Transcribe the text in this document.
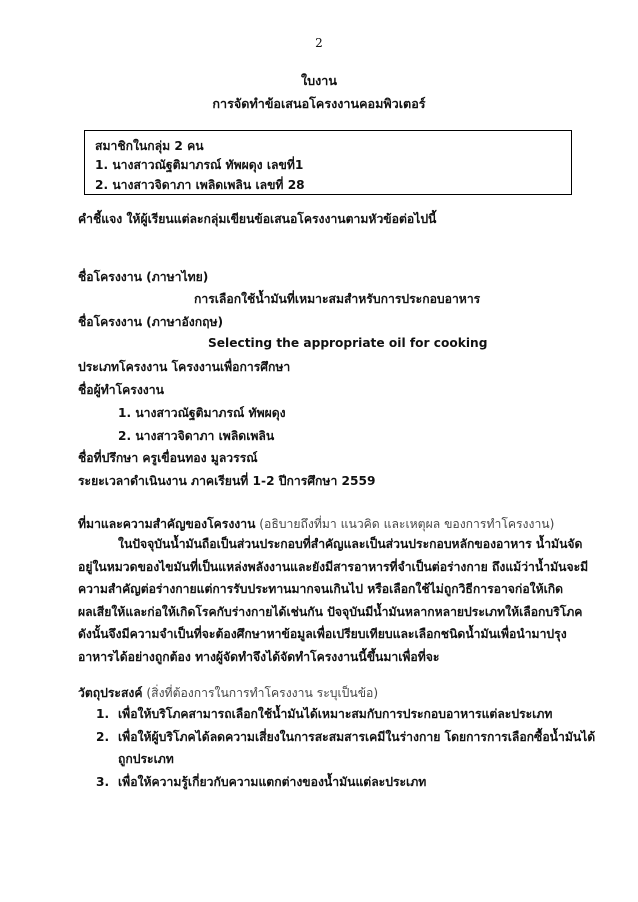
2
ใบงาน
การจัดทำข้อเสนอโครงงานคอมพิวเตอร์
สมาชิกในกลุ่ม 2 คน
1. นางสาวณัฐติมาภรณ์ ทัพผดุง เลขที่1
2. นางสาวจิดาภา เพลิดเพลิน เลขที่ 28
คำชี้แจง ให้ผู้เรียนแต่ละกลุ่มเขียนข้อเสนอโครงงานตามหัวข้อต่อไปนี้
ชื่อโครงงาน (ภาษาไทย)
การเลือกใช้น้ำมันที่เหมาะสมสำหรับการประกอบอาหาร
ชื่อโครงงาน (ภาษาอังกฤษ)
Selecting the appropriate oil for cooking
ประเภทโครงงาน โครงงานเพื่อการศึกษา
ชื่อผู้ทำโครงงาน
1. นางสาวณัฐติมาภรณ์ ทัพผดุง
2. นางสาวจิดาภา เพลิดเพลิน
ชื่อที่ปรึกษา ครูเขื่อนทอง มูลวรรณ์
ระยะเวลาดำเนินงาน ภาคเรียนที่ 1-2 ปีการศึกษา 2559
ที่มาและความสำคัญของโครงงาน (อธิบายถึงที่มา แนวคิด และเหตุผล ของการทำโครงงาน)
ในปัจจุบันน้ำมันถือเป็นส่วนประกอบที่สำคัญและเป็นส่วนประกอบหลักของอาหาร น้ำมันจัด
อยู่ในหมวดของไขมันที่เป็นแหล่งพลังงานและยังมีสารอาหารที่จำเป็นต่อร่างกาย ถึงแม้ว่าน้ำมันจะมี
ความสำคัญต่อร่างกายแต่การรับประทานมากจนเกินไป หรือเลือกใช้ไม่ถูกวิธีการอาจก่อให้เกิด
ผลเสียให้และก่อให้เกิดโรคกับร่างกายได้เช่นกัน ปัจจุบันมีน้ำมันหลากหลายประเภทให้เลือกบริโภค
ดังนั้นจึงมีความจำเป็นที่จะต้องศึกษาหาข้อมูลเพื่อเปรียบเทียบและเลือกชนิดน้ำมันเพื่อนำมาปรุง
อาหารได้อย่างถูกต้อง ทางผู้จัดทำจึงได้จัดทำโครงงานนี้ขึ้นมาเพื่อที่จะ
วัตถุประสงค์ (สิ่งที่ต้องการในการทำโครงงาน ระบุเป็นข้อ)
1. เพื่อให้บริโภคสามารถเลือกใช้น้ำมันได้เหมาะสมกับการประกอบอาหารแต่ละประเภท
2. เพื่อให้ผู้บริโภคได้ลดความเสี่ยงในการสะสมสารเคมีในร่างกาย โดยการการเลือกซื้อน้ำมันได้
ถูกประเภท
3. เพื่อให้ความรู้เกี่ยวกับความแตกต่างของน้ำมันแต่ละประเภท
